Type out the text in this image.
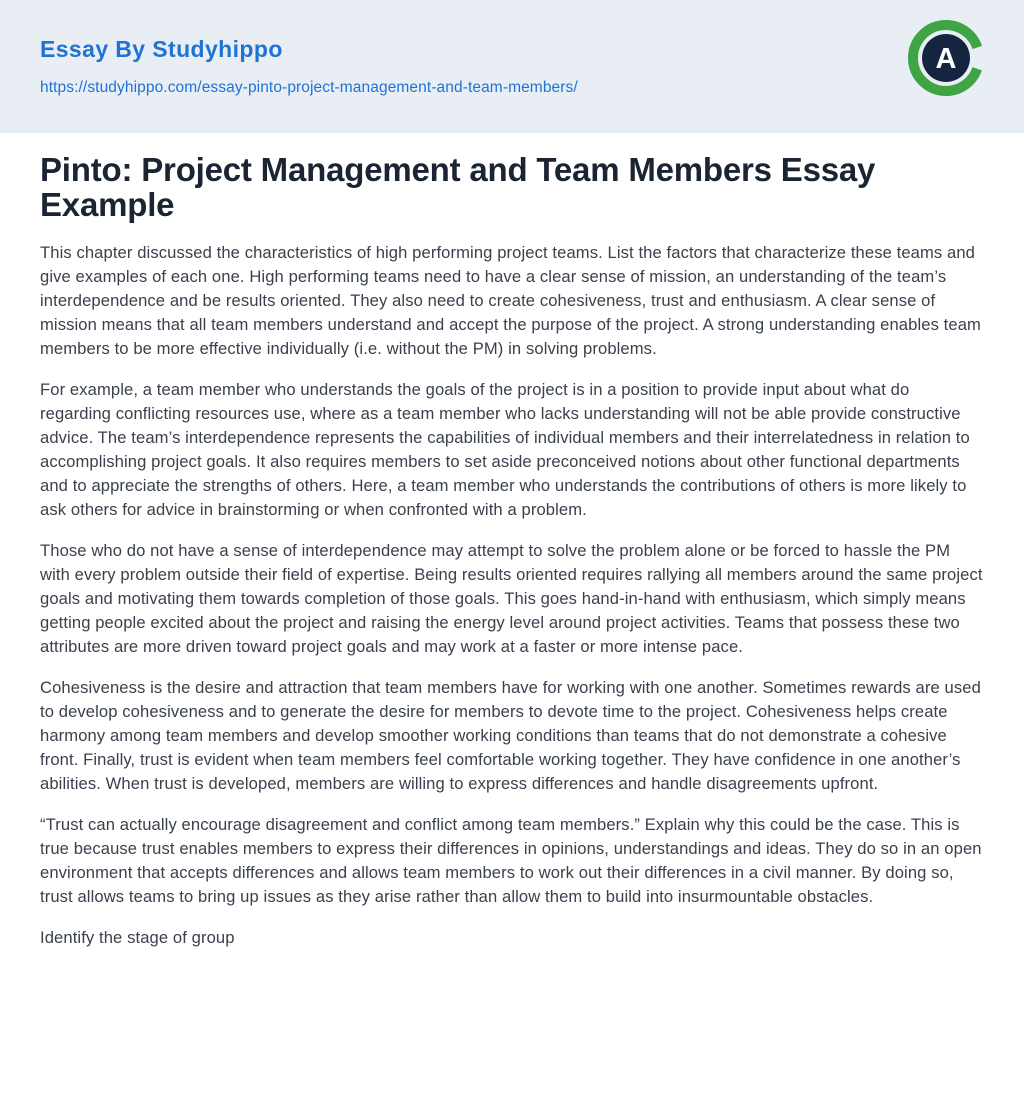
Essay By Studyhippo
https://studyhippo.com/essay-pinto-project-management-and-team-members/
A
Pinto: Project Management and Team Members Essay Example

This chapter discussed the characteristics of high performing project teams. List the factors that characterize these teams and give examples of each one. High performing teams need to have a clear sense of mission, an understanding of the team’s interdependence and be results oriented. They also need to create cohesiveness, trust and enthusiasm. A clear sense of mission means that all team members understand and accept the purpose of the project. A strong understanding enables team members to be more effective individually (i.e. without the PM) in solving problems.

For example, a team member who understands the goals of the project is in a position to provide input about what do regarding conflicting resources use, where as a team member who lacks understanding will not be able provide constructive advice. The team’s interdependence represents the capabilities of individual members and their interrelatedness in relation to accomplishing project goals. It also requires members to set aside preconceived notions about other functional departments and to appreciate the strengths of others. Here, a team member who understands the contributions of others is more likely to ask others for advice in brainstorming or when confronted with a problem.

Those who do not have a sense of interdependence may attempt to solve the problem alone or be forced to hassle the PM with every problem outside their field of expertise. Being results oriented requires rallying all members around the same project goals and motivating them towards completion of those goals. This goes hand-in-hand with enthusiasm, which simply means getting people excited about the project and raising the energy level around project activities. Teams that possess these two attributes are more driven toward project goals and may work at a faster or more intense pace.

Cohesiveness is the desire and attraction that team members have for working with one another. Sometimes rewards are used to develop cohesiveness and to generate the desire for members to devote time to the project. Cohesiveness helps create harmony among team members and develop smoother working conditions than teams that do not demonstrate a cohesive front. Finally, trust is evident when team members feel comfortable working together. They have confidence in one another’s abilities. When trust is developed, members are willing to express differences and handle disagreements upfront.

“Trust can actually encourage disagreement and conflict among team members.” Explain why this could be the case. This is true because trust enables members to express their differences in opinions, understandings and ideas. They do so in an open environment that accepts differences and allows team members to work out their differences in a civil manner. By doing so, trust allows teams to bring up issues as they arise rather than allow them to build into insurmountable obstacles.

Identify the stage of group
